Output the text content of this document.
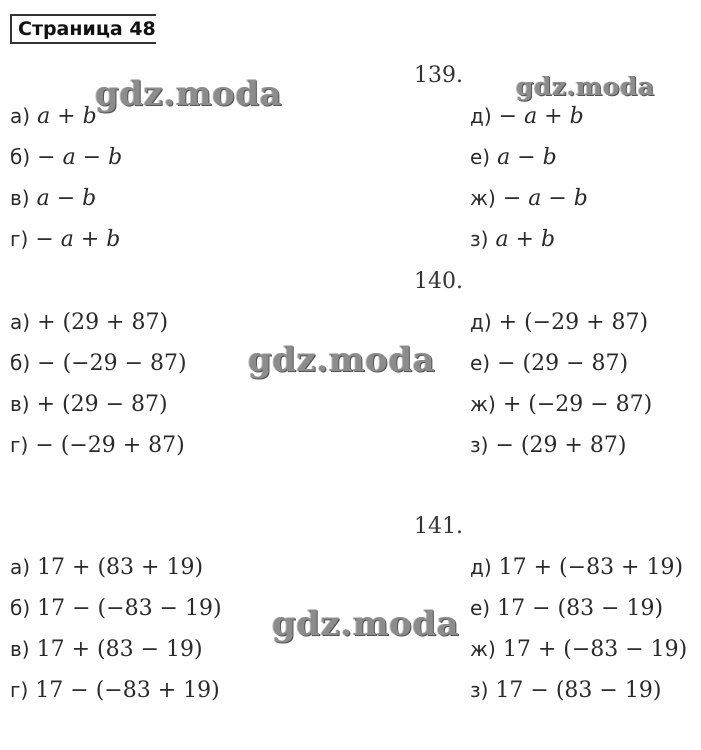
Страница 48
gdz.moda	gdz.moda
gdz.moda
gdz.moda
139.
а) a + b
б) − a − b
в) a − b
г) − a + b
д) − a + b
е) a − b
ж) − a − b
з) a + b
140.
а) + (29 + 87)
б) − (−29 − 87)
в) + (29 − 87)
г) − (−29 + 87)
д) + (−29 + 87)
е) − (29 − 87)
ж) + (−29 − 87)
з) − (29 + 87)
141.
а) 17 + (83 + 19)
б) 17 − (−83 − 19)
в) 17 + (83 − 19)
г) 17 − (−83 + 19)
д) 17 + (−83 + 19)
е) 17 − (83 − 19)
ж) 17 + (−83 − 19)
з) 17 − (83 − 19)
